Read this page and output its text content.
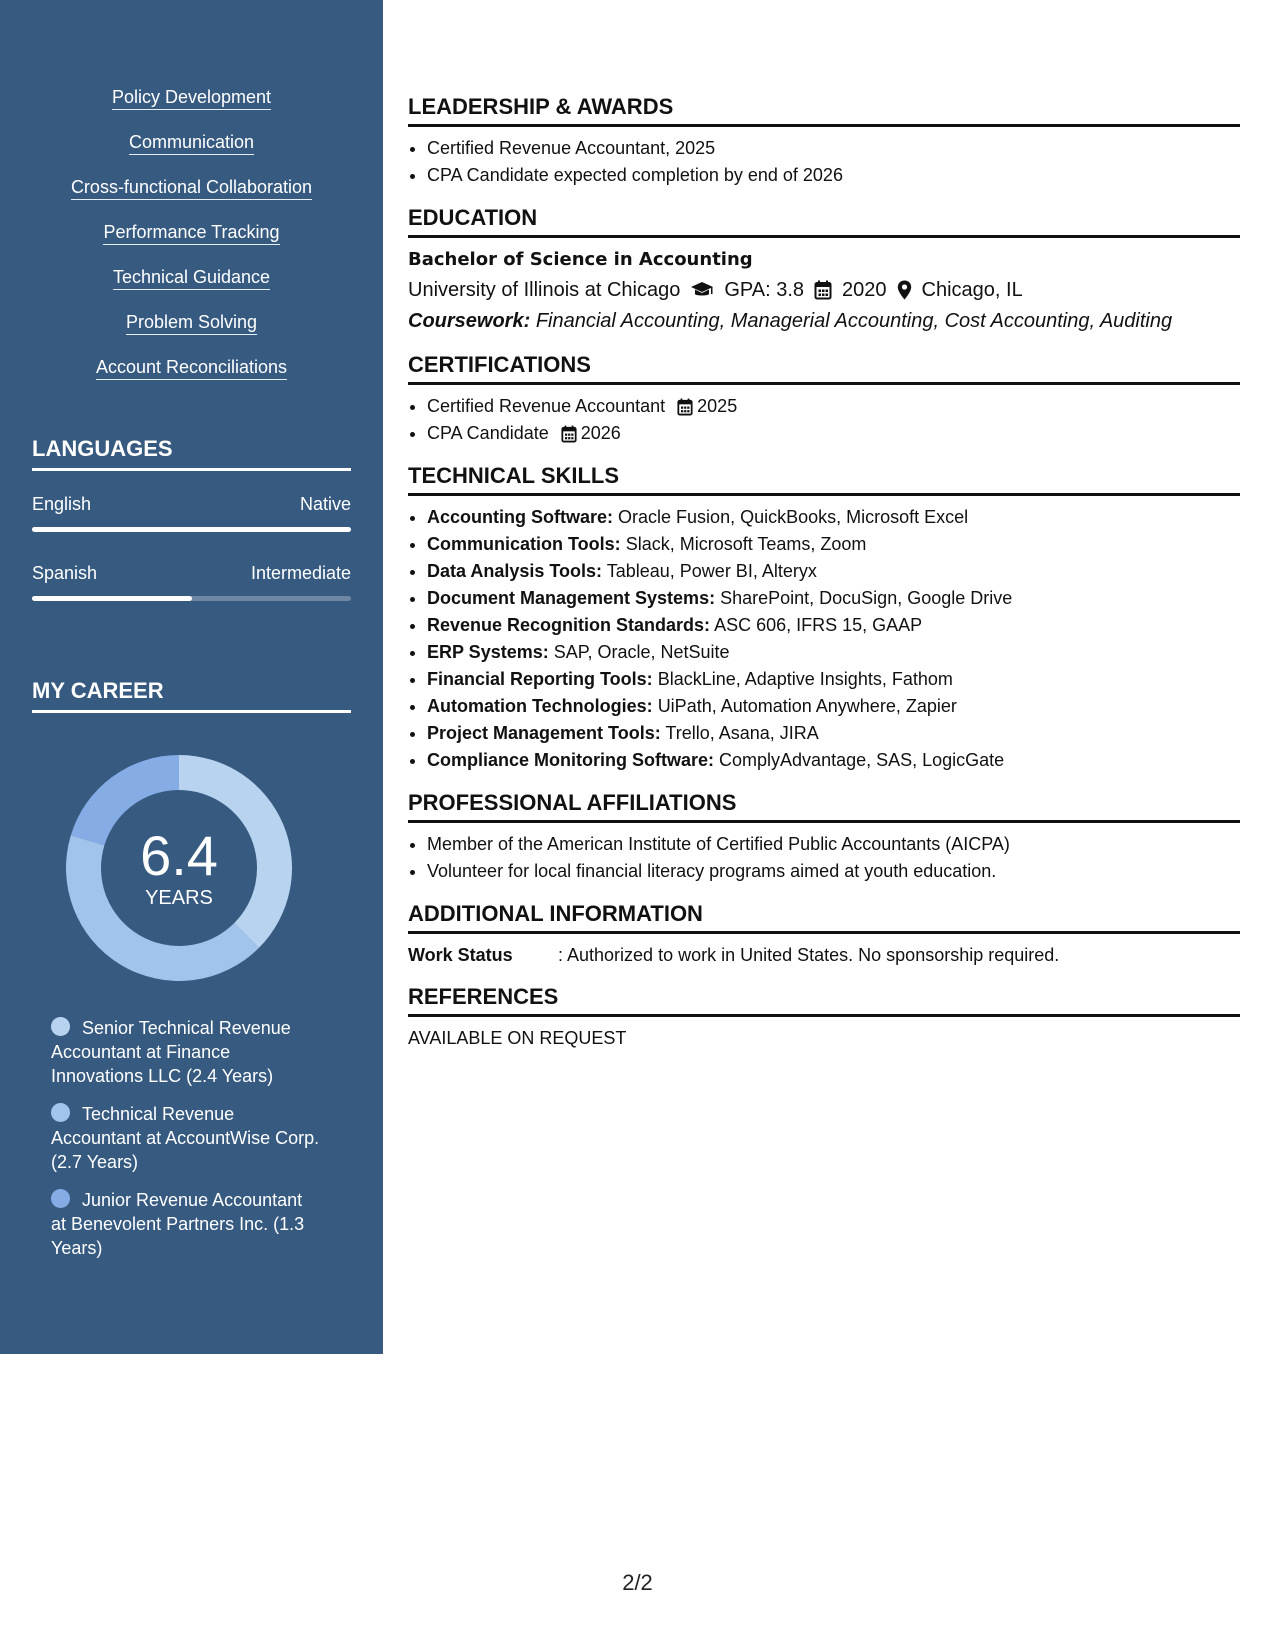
Policy Development
Communication
Cross-functional Collaboration
Performance Tracking
Technical Guidance
Problem Solving
Account Reconciliations
LANGUAGES
English	Native
Spanish	Intermediate
MY CAREER
6.4
YEARS
Senior Technical Revenue Accountant at Finance Innovations LLC (2.4 Years)
Technical Revenue Accountant at AccountWise Corp. (2.7 Years)
Junior Revenue Accountant at Benevolent Partners Inc. (1.3 Years)
LEADERSHIP & AWARDS
• Certified Revenue Accountant, 2025
• CPA Candidate expected completion by end of 2026
EDUCATION
Bachelor of Science in Accounting
University of Illinois at Chicago GPA: 3.8 2020 Chicago, IL
Coursework: Financial Accounting, Managerial Accounting, Cost Accounting, Auditing
CERTIFICATIONS
• Certified Revenue Accountant 2025
• CPA Candidate 2026
TECHNICAL SKILLS
• Accounting Software: Oracle Fusion, QuickBooks, Microsoft Excel
• Communication Tools: Slack, Microsoft Teams, Zoom
• Data Analysis Tools: Tableau, Power BI, Alteryx
• Document Management Systems: SharePoint, DocuSign, Google Drive
• Revenue Recognition Standards: ASC 606, IFRS 15, GAAP
• ERP Systems: SAP, Oracle, NetSuite
• Financial Reporting Tools: BlackLine, Adaptive Insights, Fathom
• Automation Technologies: UiPath, Automation Anywhere, Zapier
• Project Management Tools: Trello, Asana, JIRA
• Compliance Monitoring Software: ComplyAdvantage, SAS, LogicGate
PROFESSIONAL AFFILIATIONS
• Member of the American Institute of Certified Public Accountants (AICPA)
• Volunteer for local financial literacy programs aimed at youth education.
ADDITIONAL INFORMATION
Work Status	: Authorized to work in United States. No sponsorship required.
REFERENCES
AVAILABLE ON REQUEST
2/2
